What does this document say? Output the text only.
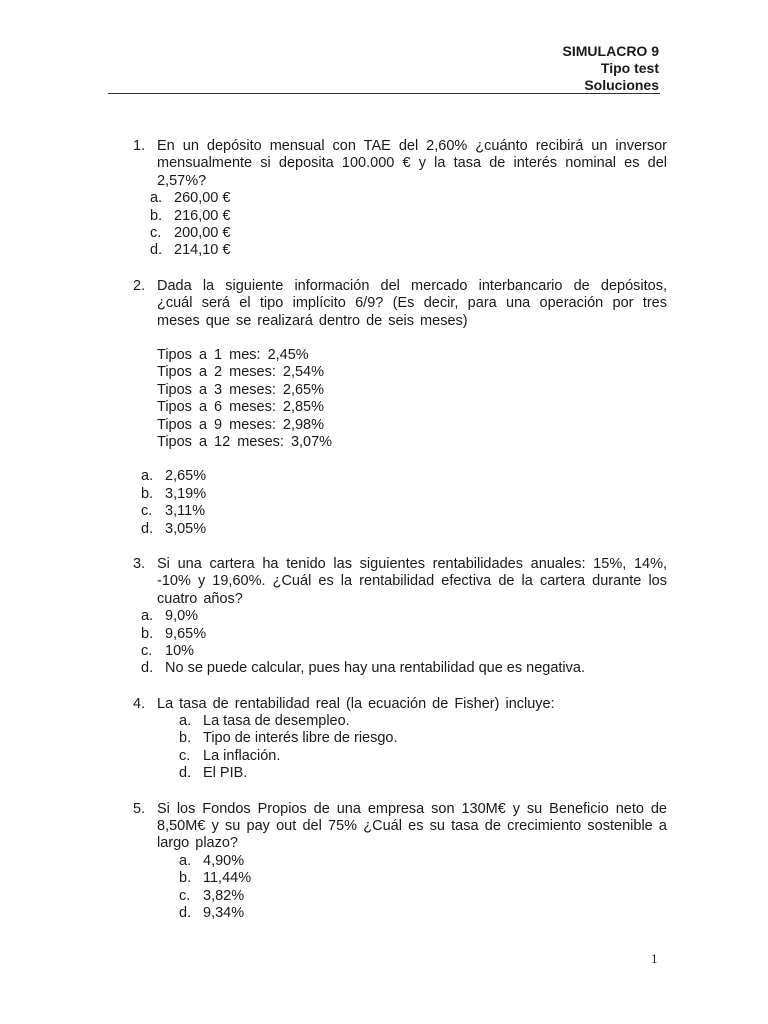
SIMULACRO 9
Tipo test
Soluciones
1. En un depósito mensual con TAE del 2,60% ¿cuánto recibirá un inversor mensualmente si deposita 100.000 € y la tasa de interés nominal es del 2,57%?
a. 260,00 €
b. 216,00 €
c. 200,00 €
d. 214,10 €
2. Dada la siguiente información del mercado interbancario de depósitos, ¿cuál será el tipo implícito 6/9? (Es decir, para una operación por tres meses que se realizará dentro de seis meses)
Tipos a 1 mes: 2,45%
Tipos a 2 meses: 2,54%
Tipos a 3 meses: 2,65%
Tipos a 6 meses: 2,85%
Tipos a 9 meses: 2,98%
Tipos a 12 meses: 3,07%
a. 2,65%
b. 3,19%
c. 3,11%
d. 3,05%
3. Si una cartera ha tenido las siguientes rentabilidades anuales: 15%, 14%, -10% y 19,60%. ¿Cuál es la rentabilidad efectiva de la cartera durante los cuatro años?
a. 9,0%
b. 9,65%
c. 10%
d. No se puede calcular, pues hay una rentabilidad que es negativa.
4. La tasa de rentabilidad real (la ecuación de Fisher) incluye:
a. La tasa de desempleo.
b. Tipo de interés libre de riesgo.
c. La inflación.
d. El PIB.
5. Si los Fondos Propios de una empresa son 130M€ y su Beneficio neto de 8,50M€ y su pay out del 75% ¿Cuál es su tasa de crecimiento sostenible a largo plazo?
a. 4,90%
b. 11,44%
c. 3,82%
d. 9,34%
1
